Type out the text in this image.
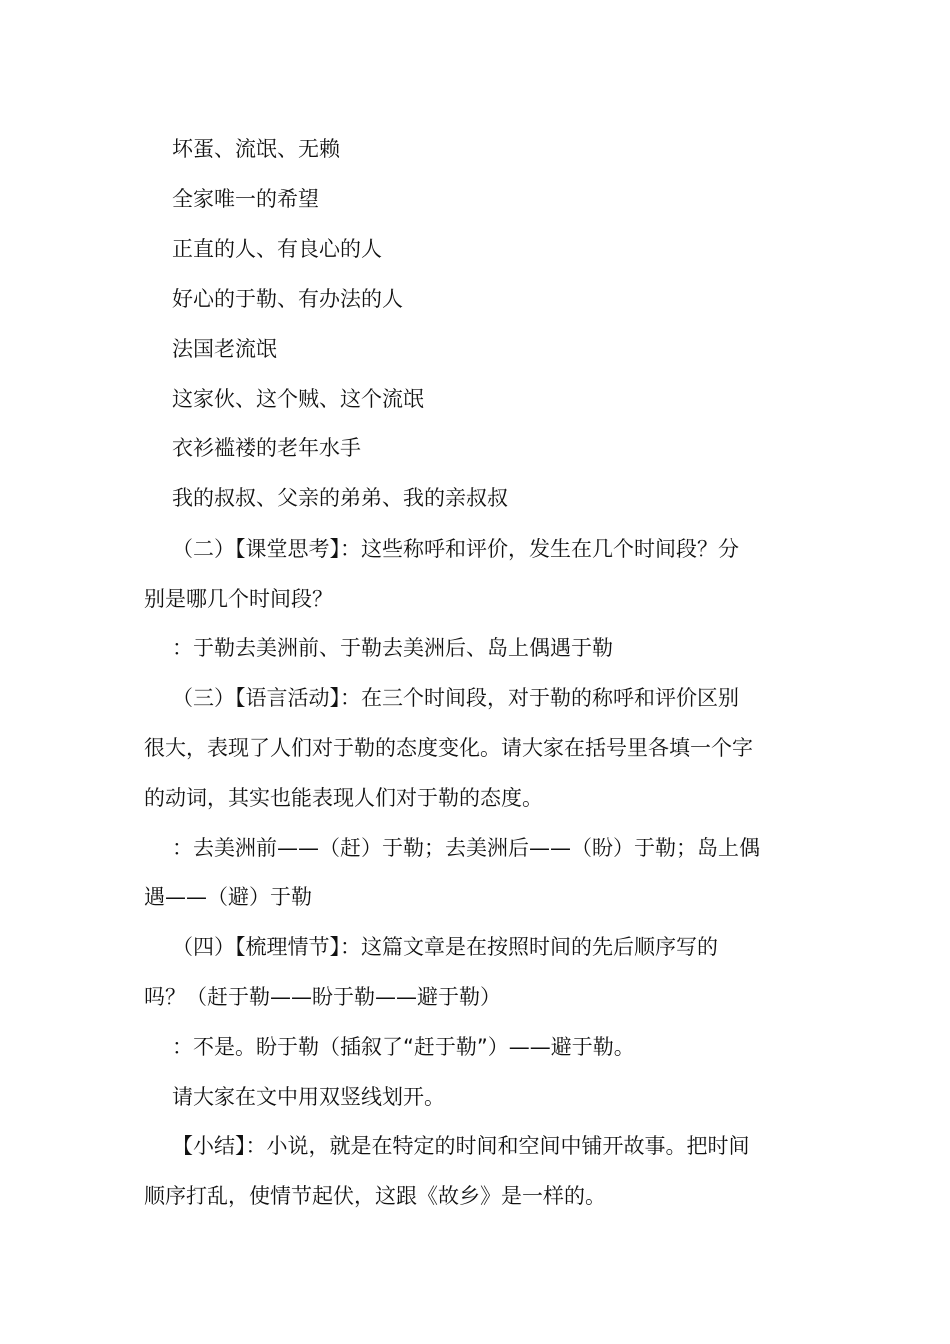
坏蛋、流氓、无赖
全家唯一的希望
正直的人、有良心的人
好心的于勒、有办法的人
法国老流氓
这家伙、这个贼、这个流氓
衣衫褴褛的老年水手
我的叔叔、父亲的弟弟、我的亲叔叔
（二）【课堂思考】：这些称呼和评价，发生在几个时间段？分
别是哪几个时间段？
：于勒去美洲前、于勒去美洲后、岛上偶遇于勒
（三）【语言活动】：在三个时间段，对于勒的称呼和评价区别
很大，表现了人们对于勒的态度变化。请大家在括号里各填一个字
的动词，其实也能表现人们对于勒的态度。
：去美洲前——（赶）于勒；去美洲后——（盼）于勒；岛上偶
遇——（避）于勒
（四）【梳理情节】：这篇文章是在按照时间的先后顺序写的
吗？（赶于勒——盼于勒——避于勒）
：不是。盼于勒（插叙了“赶于勒”）——避于勒。
请大家在文中用双竖线划开。
【小结】：小说，就是在特定的时间和空间中铺开故事。把时间
顺序打乱，使情节起伏，这跟《故乡》是一样的。
